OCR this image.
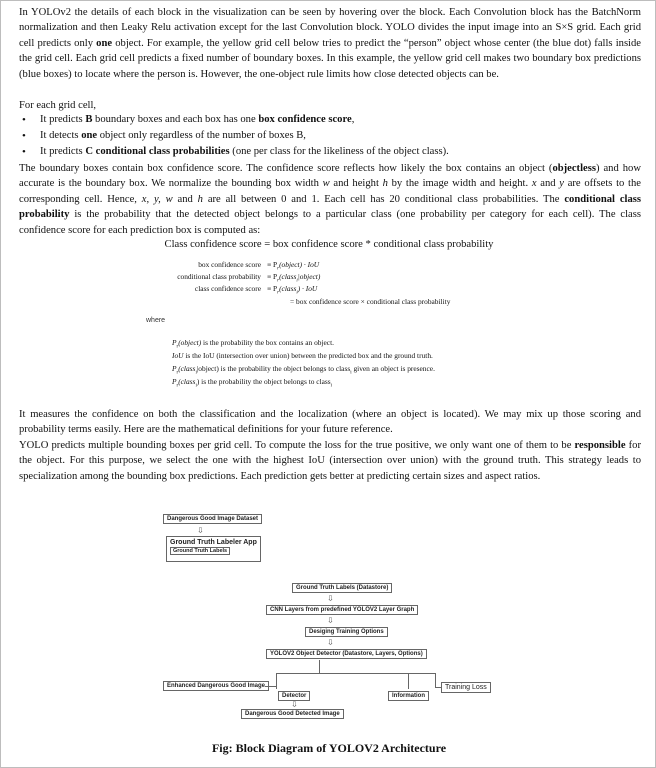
In YOLOv2 the details of each block in the visualization can be seen by hovering over the block. Each Convolution block has the BatchNorm normalization and then Leaky Relu activation except for the last Convolution block. YOLO divides the input image into an S×S grid. Each grid cell predicts only one object. For example, the yellow grid cell below tries to predict the “person” object whose center (the blue dot) falls inside the grid cell. Each grid cell predicts a fixed number of boundary boxes. In this example, the yellow grid cell makes two boundary box predictions (blue boxes) to locate where the person is. However, the one-object rule limits how close detected objects can be.
For each grid cell,
• It predicts B boundary boxes and each box has one box confidence score,
• It detects one object only regardless of the number of boxes B,
• It predicts C conditional class probabilities (one per class for the likeliness of the object class).
The boundary boxes contain box confidence score. The confidence score reflects how likely the box contains an object (objectless) and how accurate is the boundary box. We normalize the bounding box width w and height h by the image width and height. x and y are offsets to the corresponding cell. Hence, x, y, w and h are all between 0 and 1. Each cell has 20 conditional class probabilities. The conditional class probability is the probability that the detected object belongs to a particular class (one probability per category for each cell). The class confidence score for each prediction box is computed as:
Class confidence score = box confidence score * conditional class probability
box confidence score ≡ $P_r(object)$ · IoU
conditional class probability ≡ $P_r(class_i|object)$
class confidence score ≡ $P_r(class_i)$ · IoU
= box confidence score × conditional class probability
where
$P_r(object)$ is the probability the box contains an object.
IoU is the IoU (intersection over union) between the predicted box and the ground truth.
$P_r(class_i|object)$ is the probability the object belongs to class$_i$ given an object is presence.
$P_r(class_i)$ is the probability the object belongs to class$_i$
It measures the confidence on both the classification and the localization (where an object is located). We may mix up those scoring and probability terms easily. Here are the mathematical definitions for your future reference.
YOLO predicts multiple bounding boxes per grid cell. To compute the loss for the true positive, we only want one of them to be responsible for the object. For this purpose, we select the one with the highest IoU (intersection over union) with the ground truth. This strategy leads to specialization among the bounding box predictions. Each prediction gets better at predicting certain sizes and aspect ratios.
Dangerous Good Image Dataset
⇩
Ground Truth Labeler App
Ground Truth Labels
Ground Truth Labels (Datastore)
⇩
CNN Layers from predefined YOLOV2 Layer Graph
⇩
Desiging Training Options
⇩
YOLOV2 Object Detector (Datastore, Layers, Options)
Enhanced Dangerous Good Image
Detector
⇩
Information
Training Loss
Dangerous Good Detected Image
Fig: Block Diagram of YOLOV2 Architecture
